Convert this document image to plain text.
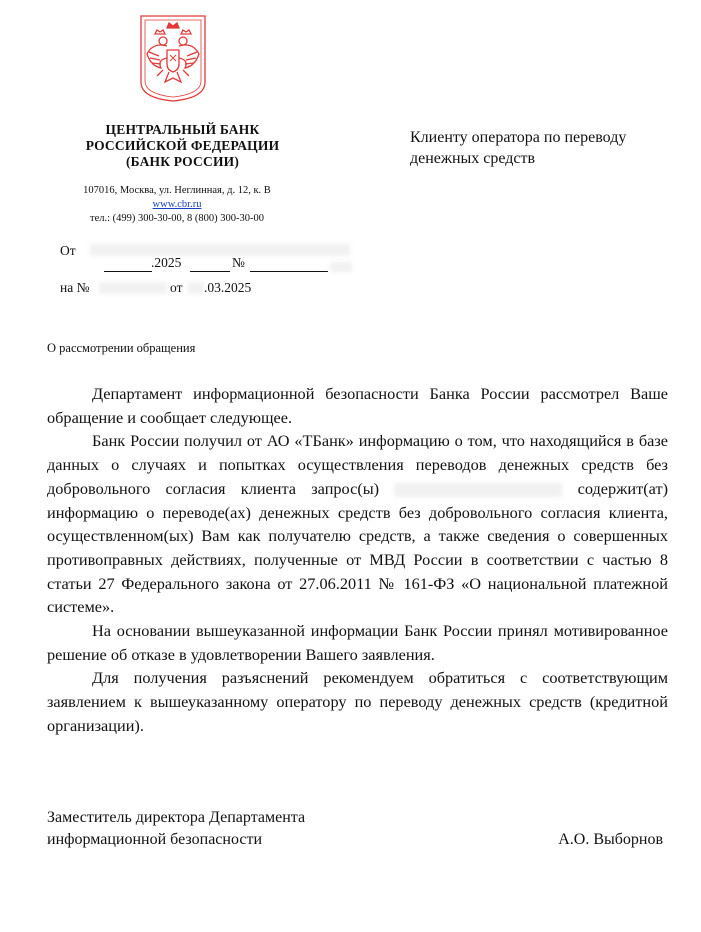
ЦЕНТРАЛЬНЫЙ БАНК
РОССИЙСКОЙ ФЕДЕРАЦИИ
(БАНК РОССИИ)
107016, Москва, ул. Неглинная, д. 12, к. В
www.cbr.ru
тел.: (499) 300-30-00, 8 (800) 300-30-00
Клиенту оператора по переводу
денежных средств
От
.2025	№
на №	от .03.2025
О рассмотрении обращения

Департамент информационной безопасности Банка России рассмотрел Ваше обращение и сообщает следующее.

Банк России получил от АО «ТБанк» информацию о том, что находящийся в базе данных о случаях и попытках осуществления переводов денежных средств без добровольного согласия клиента запрос(ы)	содержит(ат) информацию о переводе(ах) денежных средств без добровольного согласия клиента, осуществленном(ых) Вам как получателю средств, а также сведения о совершенных противоправных действиях, полученные от МВД России в соответствии с частью 8 статьи 27 Федерального закона от 27.06.2011 № 161-ФЗ «О национальной платежной системе».

На основании вышеуказанной информации Банк России принял мотивированное решение об отказе в удовлетворении Вашего заявления.

Для получения разъяснений рекомендуем обратиться с соответствующим заявлением к вышеуказанному оператору по переводу денежных средств (кредитной организации).

Заместитель директора Департамента
информационной безопасности	А.О. Выборнов
